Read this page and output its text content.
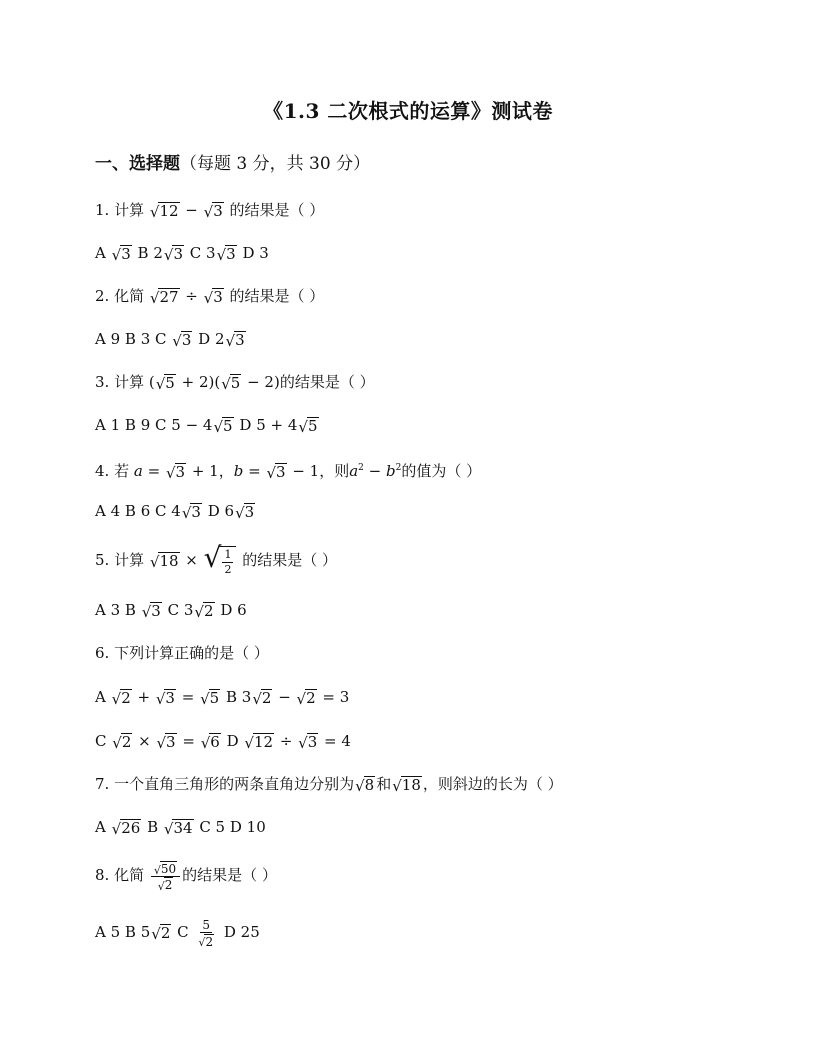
《1.3 二次根式的运算》测试卷
一、选择题（每题 3 分，共 30 分）
1. 计算 √ 12 − √ 3 的结果是（ ）
A √ 3 B 2 √ 3 C 3 √ 3 D 3
2. 化简 √ 27 ÷ √ 3 的结果是（ ）
A 9 B 3 C √ 3 D 2 √ 3
3. 计算 ( √ 5 + 2)( √ 5 − 2)的结果是（ ）
A 1 B 9 C 5 − 4 √ 5 D 5 + 4 √ 5
4. 若 a = √ 3 + 1，b = √ 3 − 1，则$a^2 - b^2$的值为（ ）
A 4 B 6 C 4 √ 3 D 6 √ 3
5. 计算 √ 18 × √ $\frac{1}{2}$ 的结果是（ ）
A 3 B √ 3 C 3 √ 2 D 6
6. 下列计算正确的是（ ）
A √ 2 + √ 3 = √ 5 B 3 √ 2 − √ 2 = 3
C √ 2 × √ 3 = √ 6 D √ 12 ÷ √ 3 = 4
7. 一个直角三角形的两条直角边分别为 √ 8 和 √ 18 ，则斜边的长为（ ）
A √ 26 B √ 34 C 5 D 10
8. 化简 $\frac{√ 50}{√ 2}$ 的结果是（ ）
A 5 B 5 √ 2 C $\frac{5}{√ 2}$ D 25
